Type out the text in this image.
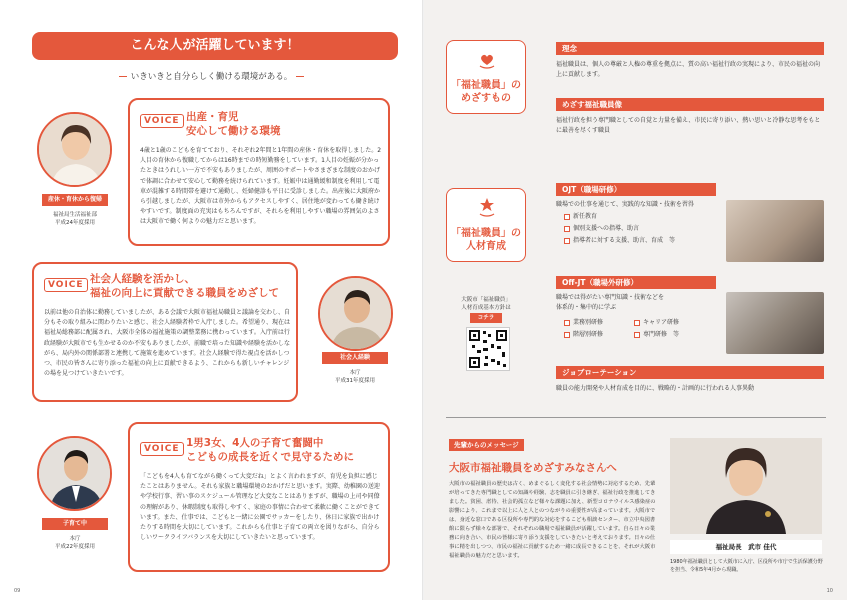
こんな人が活躍しています！
いきいきと自分らしく働ける環境がある。
VOICE 出産・育児
安心して働ける環境
4歳と1歳のこどもを育てており、それぞれ2年間と1年間の産休・育休を取得しました。2人目の育休から復職してからは16時までの時短勤務をしています。1人目の妊娠が分かったときはうれしい一方で不安もありましたが、周囲のサポートやさまざまな制度のおかげで体調に合わせて安心して勤務を続けられています。妊娠中は通勤緩和制度を利用して電車が混雑する時間帯を避けて通勤し、妊婦健診も平日に受診しました。出産後に大阪府から引越しましたが、大阪市は市外からもアクセスしやすく、居住地が変わっても働き続けやすいです。制度面の充実はもちろんですが、それらを利用しやすい職場の雰囲気のよさは大阪市で働く何よりの魅力だと思います。
産休・育休から復帰
福祉局生活福祉部
平成24年度採用
VOICE 社会人経験を活かし、
福祉の向上に貢献できる職員をめざして
以前は他の自治体に勤務していましたが、ある会議で大阪市福祉局職員と議論を交わし、自分もその取り組みに関わりたいと感じ、社会人経験者枠で入庁しました。希望通り、現在は福祉局総務部に配属され、大阪市全体の福祉施策の調整業務に携わっています。入庁前は行政経験が大阪市でも生かせるのか不安もありましたが、前職で培った知識や経験を活かしながら、局内外の関係部署と連携して施策を進めています。社会人経験で得た視点を活かしつつ、市民の皆さんに寄り添った福祉の向上に貢献できるよう、これからも新しいチャレンジの場を見つけていきたいです。
社会人経験
本庁
平成31年度採用
VOICE 1男3女、4人の子育て奮闘中
こどもの成長を近くで見守るために
「こどもを4人も育てながら働くって大変だね」とよく言われますが、育児を負担に感じたことはありません。それも家族と職場環境のおかげだと思います。実際、幼稚園の送迎や学校行事、習い事のスケジュール管理など大変なことはありますが、職場の上司や同僚の理解があり、休暇制度も取得しやすく、家庭の事情に合わせて柔軟に働くことができています。また、仕事では、こどもと一緒に公園でサッカーをしたり、休日に家族で出かけたりする時間を大切にしています。これからも仕事と子育ての両立を図りながら、自分らしいワークライフバランスを大切にしていきたいと思っています。
子育て中
本庁
平成22年度採用
09
「福祉職員」の
めざすもの
理念
福祉職員は、個人の尊厳と人権の尊重を拠点に、質の高い福祉行政の実現により、市民の福祉の向上に貢献します。
めざす福祉職員像
福祉行政を担う専門職としての自覚と力量を備え、市民に寄り添い、熱い思いと冷静な思考をもとに最善を尽くす職員
「福祉職員」の
人材育成
大阪市「福祉職員」
人材育成基本方針は
コチラ
OJT（職場研修）
職場での仕事を通じて、実践的な知識・技術を習得
新任教育
個別支援への指導、助言
指導者に対する支援、助言、育成　等
Off-JT（職場外研修）
職場では得がたい専門知識・技術などを
体系的・集中的に学ぶ
業務別研修	キャリア研修
階層別研修	専門研修　等
ジョブローテーション
職員の能力開発や人材育成を目的に、戦略的・計画的に行われる人事異動
先輩からのメッセージ
大阪市福祉職員をめざすみなさんへ
大阪市の福祉職員の歴史は古く、めまぐるしく変化する社会情勢に対応するため、先輩が培ってきた専門職としての知識や経験、志を職員に引き継ぎ、福祉行政を推進してきました。貧困、虐待、社会的孤立など様々な課題に加え、新型コロナウイルス感染症の影響により、これまで以上に人と人とのつながりの重要性が高まっています。大阪市では、身近な窓口である区役所や専門的な対応をするこども相談センター、市立中央図書館に限らず様々な部署で、それぞれの職場で福祉職員が活躍しています。自ら日々の業務に向き合い、市民の皆様に寄り添う支援をしていきたいと考えております。日々の仕事に精を出しつつ、市民の福祉に貢献するため一緒に成長できることを、それが大阪市福祉職員の魅力だと思います。
福祉局長　武市 佳代
1980年福祉職員として大阪市に入庁、区役所や市庁で生活保護分野を担当、令和5年4月から現職。
10
